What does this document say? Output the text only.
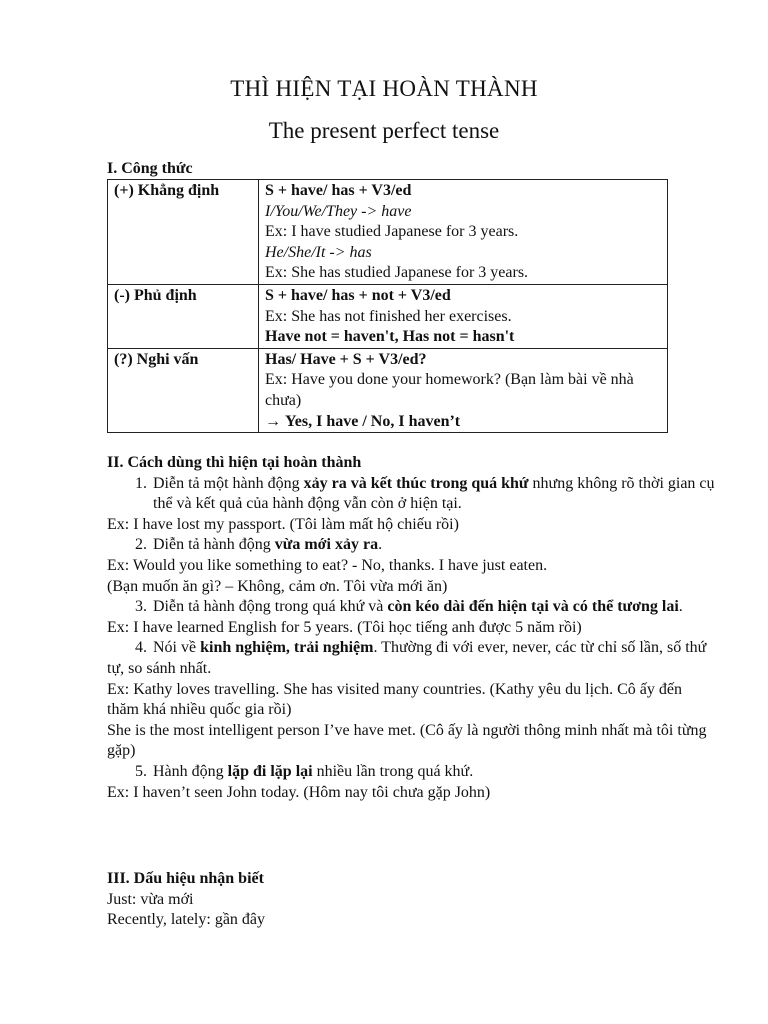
THÌ HIỆN TẠI HOÀN THÀNH
The present perfect tense
I. Công thức
(+) Khẳng định	S + have/ has + V3/ed
I/You/We/They -> have
Ex: I have studied Japanese for 3 years.
He/She/It -> has
Ex: She has studied Japanese for 3 years.

(-) Phủ định	S + have/ has + not + V3/ed
Ex: She has not finished her exercises.
Have not = haven't, Has not = hasn't

(?) Nghi vấn	Has/ Have + S + V3/ed?
Ex: Have you done your homework? (Bạn làm bài về nhà chưa)
→ Yes, I have / No, I haven’t
II. Cách dùng thì hiện tại hoàn thành
1. Diễn tả một hành động xảy ra và kết thúc trong quá khứ nhưng không rõ thời gian cụ thể và kết quả của hành động vẫn còn ở hiện tại.
Ex: I have lost my passport. (Tôi làm mất hộ chiếu rồi)
2. Diễn tả hành động vừa mới xảy ra.
Ex: Would you like something to eat? - No, thanks. I have just eaten.
(Bạn muốn ăn gì? – Không, cảm ơn. Tôi vừa mới ăn)
3. Diễn tả hành động trong quá khứ và còn kéo dài đến hiện tại và có thể tương lai.
Ex: I have learned English for 5 years. (Tôi học tiếng anh được 5 năm rồi)
4. Nói về kinh nghiệm, trải nghiệm. Thường đi với ever, never, các từ chỉ số lần, số thứ
tự, so sánh nhất.
Ex: Kathy loves travelling. She has visited many countries. (Kathy yêu du lịch. Cô ấy đến thăm khá nhiều quốc gia rồi)
She is the most intelligent person I’ve have met. (Cô ấy là người thông minh nhất mà tôi từng gặp)
5. Hành động lặp đi lặp lại nhiều lần trong quá khứ.
Ex: I haven’t seen John today. (Hôm nay tôi chưa gặp John)
III. Dấu hiệu nhận biết
Just: vừa mới
Recently, lately: gần đây
